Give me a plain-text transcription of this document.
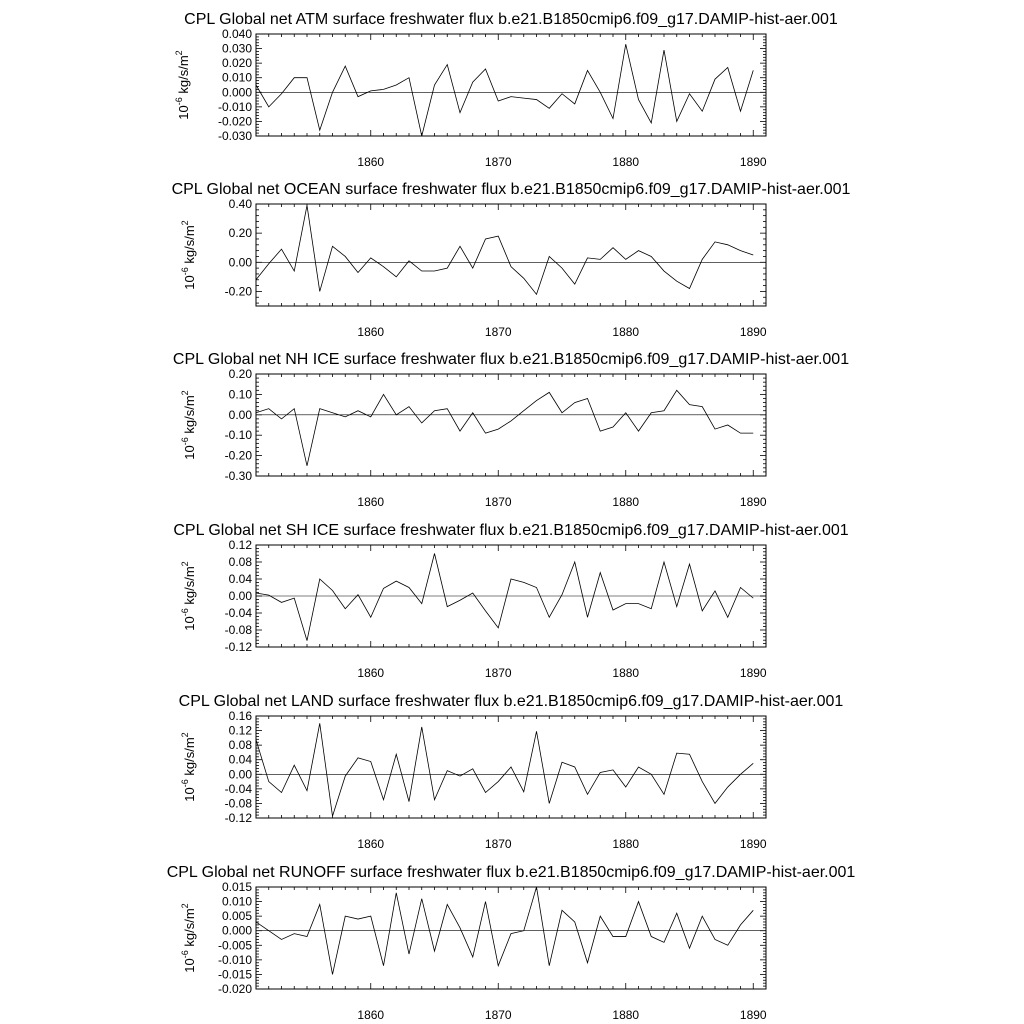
CPL Global net ATM surface freshwater flux b.e21.B1850cmip6.f09_g17.DAMIP-hist-aer.001
-0.030
-0.020
-0.010
0.000
0.010
0.020
0.030
0.040
1860	1870	1880	1890
$10^{-6}$ $kg/s/m^2$
CPL Global net OCEAN surface freshwater flux b.e21.B1850cmip6.f09_g17.DAMIP-hist-aer.001
-0.20
0.00
0.20
0.40
1860	1870	1880	1890
$10^{-6}$ $kg/s/m^2$
CPL Global net NH ICE surface freshwater flux b.e21.B1850cmip6.f09_g17.DAMIP-hist-aer.001
-0.30
-0.20
-0.10
0.00
0.10
0.20
1860	1870	1880	1890
$10^{-6}$ $kg/s/m^2$
CPL Global net SH ICE surface freshwater flux b.e21.B1850cmip6.f09_g17.DAMIP-hist-aer.001
-0.12
-0.08
-0.04
0.00
0.04
0.08
0.12
1860	1870	1880	1890
$10^{-6}$ $kg/s/m^2$
CPL Global net LAND surface freshwater flux b.e21.B1850cmip6.f09_g17.DAMIP-hist-aer.001
-0.12
-0.08
-0.04
0.00
0.04
0.08
0.12
0.16
1860	1870	1880	1890
$10^{-6}$ $kg/s/m^2$
CPL Global net RUNOFF surface freshwater flux b.e21.B1850cmip6.f09_g17.DAMIP-hist-aer.001
-0.020
-0.015
-0.010
-0.005
0.000
0.005
0.010
0.015
1860	1870	1880	1890
$10^{-6}$ $kg/s/m^2$
